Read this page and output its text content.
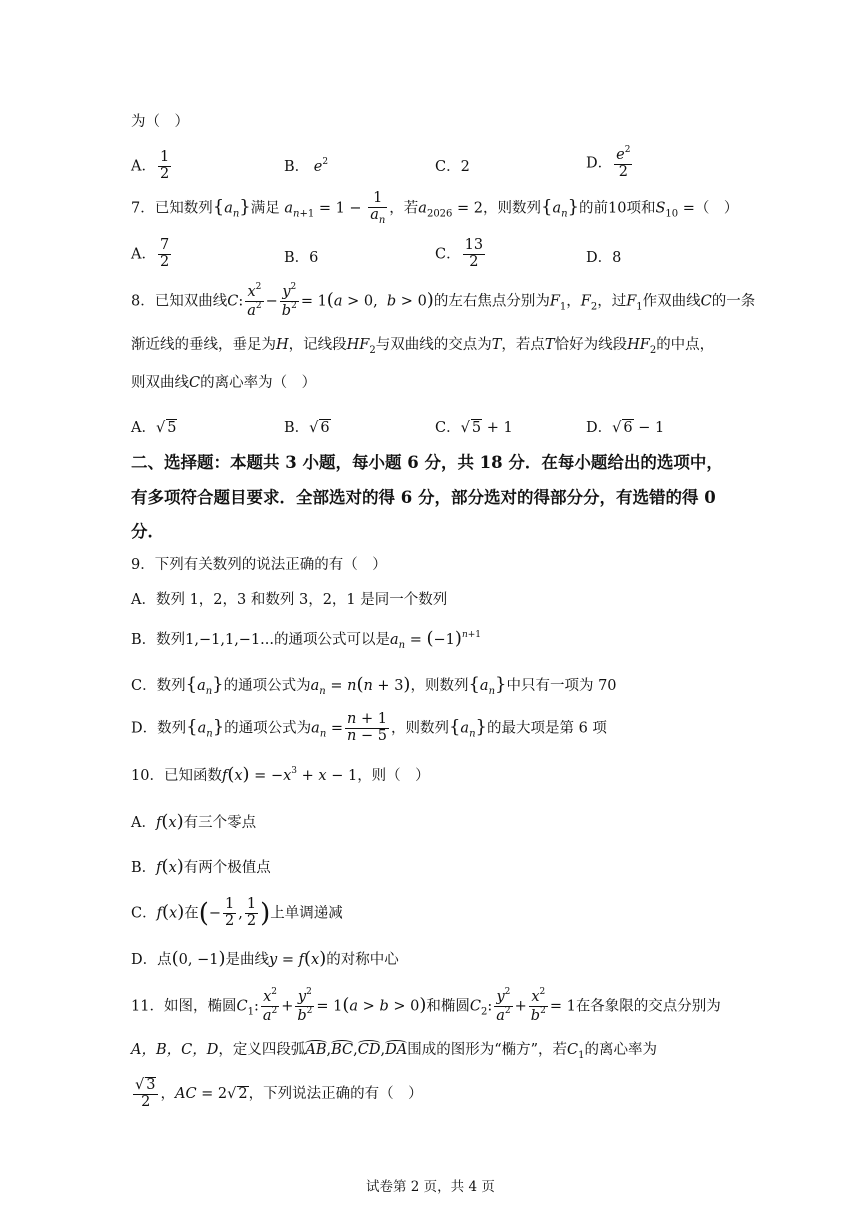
为（　）
A． $\frac{1}{2}$	B． $e^2$	C．2	D． $\frac{e^2}{2}$
7．已知数列$\{a_n\}$满足 $a_{n+1} = 1 - \frac{1}{a_n}$ ，若$a_{2026} = 2$，则数列$\{a_n\}$的前10项和$S_{10}$ =（　）
A． $\frac{7}{2}$	B．6	C． $\frac{13}{2}$	D．8
8．已知双曲线C: $\frac{x^2}{a^2} - \frac{y^2}{b^2} = 1(a > 0$,  b > 0)的左右焦点分别为$F_1$，$F_2$，过$F_1$作双曲线C的一条
渐近线的垂线，垂足为H，记线段$HF_2$与双曲线的交点为T，若点T恰好为线段$HF_2$的中点，
则双曲线C的离心率为（　）
A．√ 5	B．√ 6	C．√ 5 + 1	D．√ 6 − 1
二、选择题：本题共 3 小题，每小题 6 分，共 18 分．在每小题给出的选项中，
有多项符合题目要求．全部选对的得 6 分，部分选对的得部分分，有选错的得 0
分．
9．下列有关数列的说法正确的有（　）
A．数列 1，2，3 和数列 3，2，1 是同一个数列
B．数列1,−1,1,−1...的通项公式可以是$a_n = (-1)^{n+1}$
C．数列$\{a_n\}$的通项公式为$a_n = n(n + 3)$，则数列$\{a_n\}$中只有一项为 70
D．数列$\{a_n\}$的通项公式为$a_n = \frac{n + 1}{n - 5}$ ，则数列$\{a_n\}$的最大项是第 6 项
10．已知函数$f(x) = -x^3 + x - 1$，则（　）
A．f(x)有三个零点
B．f(x)有两个极值点
C．f(x)在(− $\frac{1}{2}$ , $\frac{1}{2}$ )上单调递减
D．点(0, −1)是曲线y = f(x)的对称中心
11．如图，椭圆$C_1$: $\frac{x^2}{a^2} + \frac{y^2}{b^2} = 1(a > b > 0)$和椭圆$C_2$: $\frac{y^2}{a^2} + \frac{x^2}{b^2} = 1$在各象限的交点分别为
A，B，C，D，定义四段弧AB,BC,CD,DA围成的图形为“椭方”，若$C_1$的离心率为
$\frac{√ 3}{2}$ ，AC = 2√ 2，下列说法正确的有（　）
试卷第 2 页，共 4 页
